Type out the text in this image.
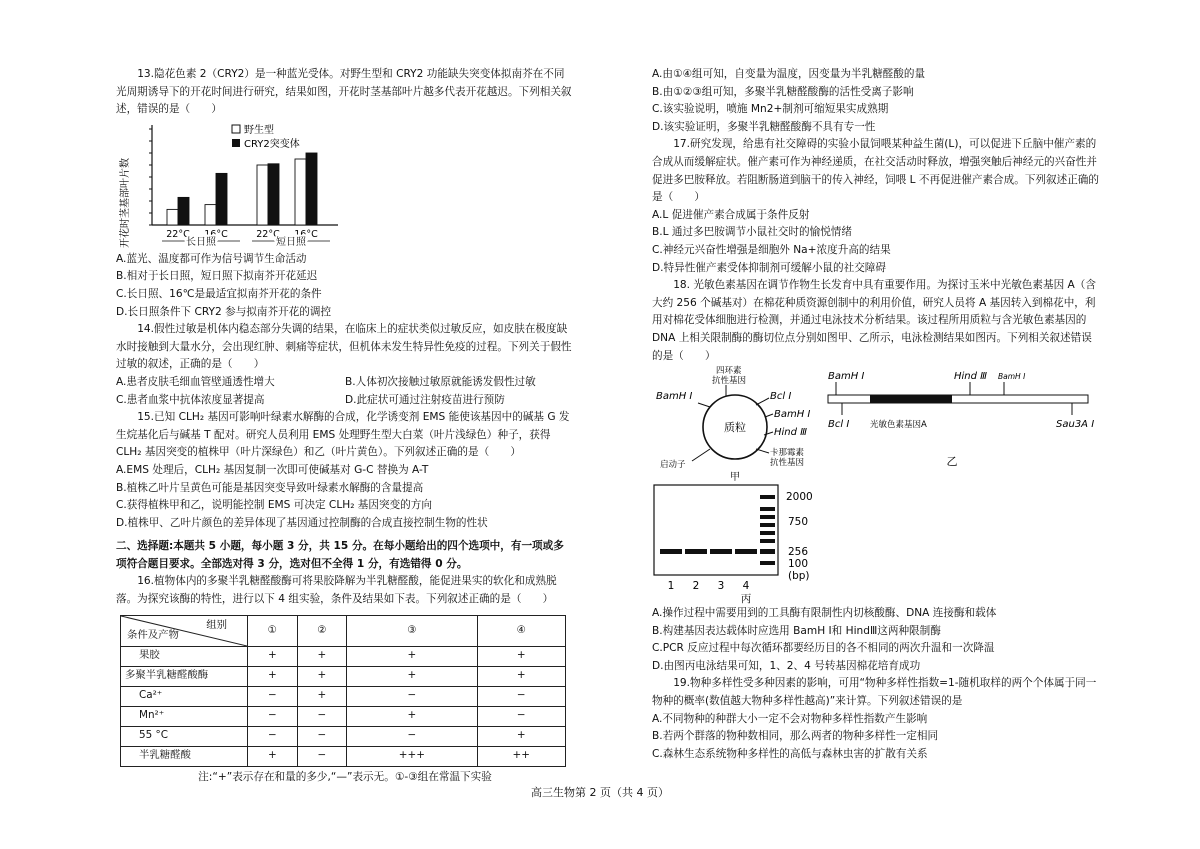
13.隐花色素 2（CRY2）是一种蓝光受体。对野生型和 CRY2 功能缺失突变体拟南芥在不同光周期诱导下的开花时间进行研究，结果如图，开花时茎基部叶片越多代表开花越迟。下列相关叙述，错误的是（　　）

开花时茎基部叶片数
野生型
CRY2突变体
22°C 16°C	22°C 16°C
长日照	短日照

A.蓝光、温度都可作为信号调节生命活动

B.相对于长日照，短日照下拟南芥开花延迟

C.长日照、16℃是最适宜拟南芥开花的条件

D.长日照条件下 CRY2 参与拟南芥开花的调控

14.假性过敏是机体内稳态部分失调的结果，在临床上的症状类似过敏反应，如皮肤在极度缺水时接触到大量水分，会出现红肿、刺痛等症状，但机体未发生特异性免疫的过程。下列关于假性过敏的叙述，正确的是（　　）

A.患者皮肤毛细血管壁通透性增大	B.人体初次接触过敏原就能诱发假性过敏
C.患者血浆中抗体浓度显著提高	D.此症状可通过注射疫苗进行预防

15.已知 CLH₂ 基因可影响叶绿素水解酶的合成，化学诱变剂 EMS 能使该基因中的碱基 G 发生烷基化后与碱基 T 配对。研究人员利用 EMS 处理野生型大白菜（叶片浅绿色）种子，获得 CLH₂ 基因突变的植株甲（叶片深绿色）和乙（叶片黄色）。下列叙述正确的是（　　）

A.EMS 处理后，CLH₂ 基因复制一次即可使碱基对 G-C 替换为 A-T

B.植株乙叶片呈黄色可能是基因突变导致叶绿素水解酶的含量提高

C.获得植株甲和乙，说明能控制 EMS 可决定 CLH₂ 基因突变的方向

D.植株甲、乙叶片颜色的差异体现了基因通过控制酶的合成直接控制生物的性状

二、选择题:本题共 5 小题，每小题 3 分，共 15 分。在每小题给出的四个选项中，有一项或多项符合题目要求。全部选对得 3 分，选对但不全得 1 分，有选错得 0 分。

16.植物体内的多聚半乳糖醛酸酶可将果胶降解为半乳糖醛酸，能促进果实的软化和成熟脱落。为探究该酶的特性，进行以下 4 组实验，条件及结果如下表。下列叙述正确的是（　　）

组别
条件及产物	①	②	③	④
果胶	+	+	+	+
多聚半乳糖醛酸酶	+	+	+	+
Ca²⁺	−	+	−	−
Mn²⁺	−	−	+	−
55 °C	−	−	−	+
半乳糖醛酸	+	−	+++	++

注:“+”表示存在和量的多少,“—”表示无。①-③组在常温下实验

A.由①④组可知，自变量为温度，因变量为半乳糖醛酸的量

B.由①②③组可知，多聚半乳糖醛酸酶的活性受离子影响

C.该实验说明，喷施 Mn2+制剂可缩短果实成熟期

D.该实验证明，多聚半乳糖醛酸酶不具有专一性

17.研究发现，给患有社交障碍的实验小鼠饲喂某种益生菌(L)，可以促进下丘脑中催产素的合成从而缓解症状。催产素可作为神经递质，在社交活动时释放，增强突触后神经元的兴奋性并促进多巴胺释放。若阻断肠道到脑干的传入神经，饲喂 L 不再促进催产素合成。下列叙述正确的是（　　）

A.L 促进催产素合成属于条件反射

B.L 通过多巴胺调节小鼠社交时的愉悦情绪

C.神经元兴奋性增强是细胞外 Na+浓度升高的结果

D.特异性催产素受体抑制剂可缓解小鼠的社交障碍

18. 光敏色素基因在调节作物生长发育中具有重要作用。为探讨玉米中光敏色素基因 A（含大约 256 个碱基对）在棉花种质资源创制中的利用价值，研究人员将 A 基因转入到棉花中，利用对棉花受体细胞进行检测，并通过电泳技术分析结果。该过程所用质粒与含光敏色素基因的 DNA 上相关限制酶的酶切位点分别如图甲、乙所示，电泳检测结果如图丙。下列相关叙述错误的是（　　）

质粒
四环素
抗性基因
BamH Ⅰ	Bcl Ⅰ
BamH Ⅰ
Hind Ⅲ
启动子
卡那霉素
抗性基因
甲
BamH Ⅰ	Hind Ⅲ BamH Ⅰ
Bcl Ⅰ 光敏色素基因A	Sau3A Ⅰ
乙
2000
750
256
100
(bp)
1 2 3 4
丙

A.操作过程中需要用到的工具酶有限制性内切核酸酶、DNA 连接酶和载体

B.构建基因表达载体时应选用 BamH Ⅰ和 HindⅢ这两种限制酶

C.PCR 反应过程中每次循环都要经历目的各不相同的两次升温和一次降温

D.由图丙电泳结果可知，1、2、4 号转基因棉花培育成功

19.物种多样性受多种因素的影响，可用“物种多样性指数=1-随机取样的两个个体属于同一物种的概率(数值越大物种多样性越高)”来计算。下列叙述错误的是

A.不同物种的种群大小一定不会对物种多样性指数产生影响

B.若两个群落的物种数相同，那么两者的物种多样性一定相同

C.森林生态系统物种多样性的高低与森林虫害的扩散有关系

高三生物第 2 页（共 4 页）
